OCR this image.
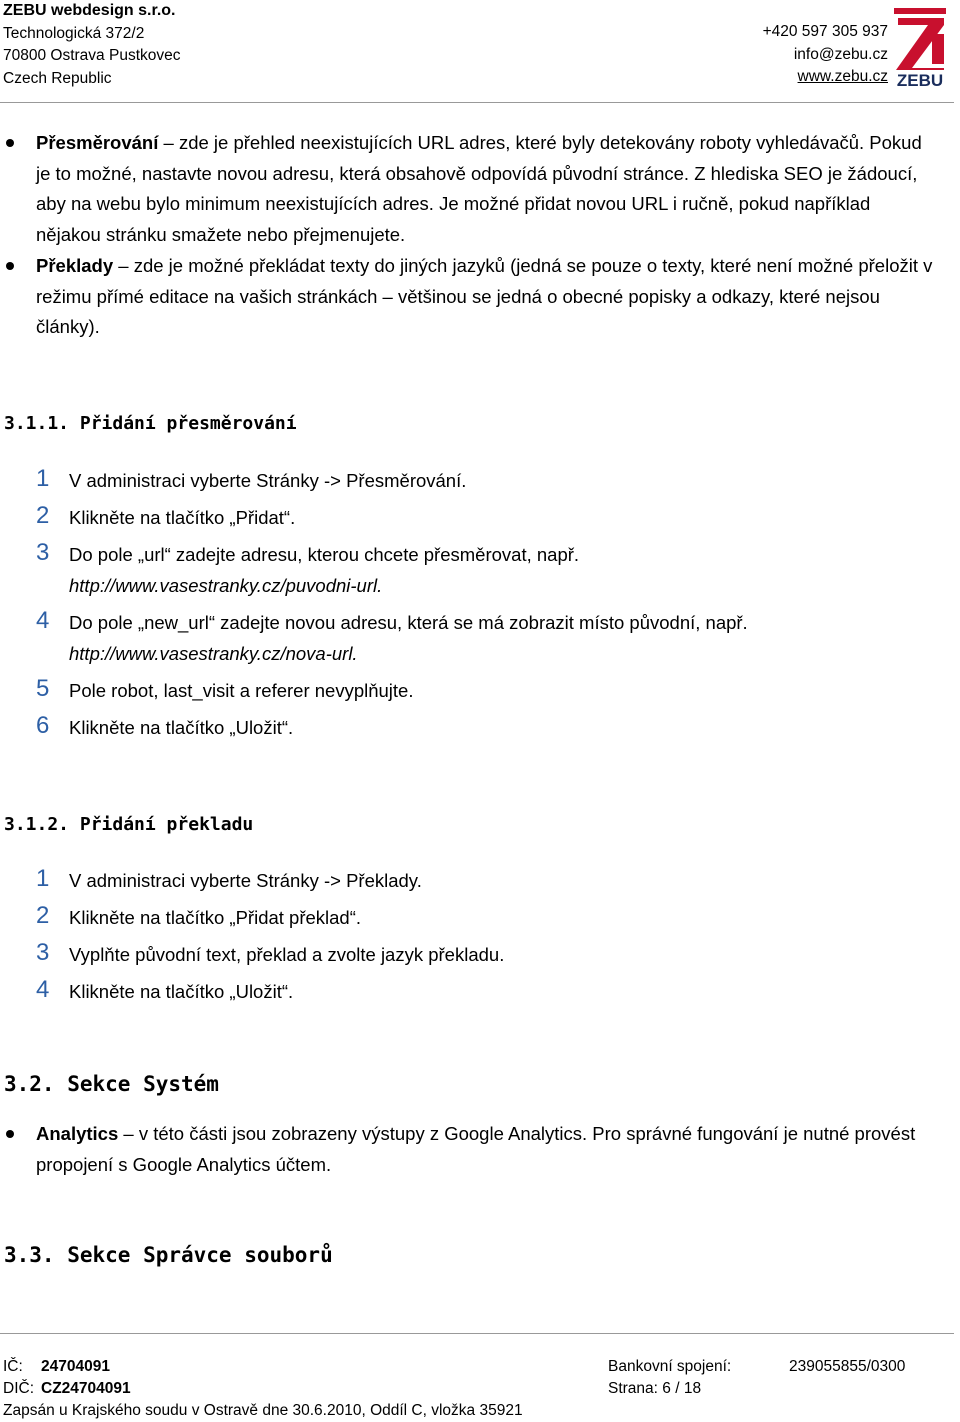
ZEBU webdesign s.r.o.
Technologická 372/2
70800 Ostrava Pustkovec
Czech Republic
+420 597 305 937
info@zebu.cz
www.zebu.cz ZEBU
Přesměrování – zde je přehled neexistujících URL adres, které byly detekovány roboty vyhledávačů. Pokud je to možné, nastavte novou adresu, která obsahově odpovídá původní stránce. Z hlediska SEO je žádoucí, aby na webu bylo minimum neexistujících adres. Je možné přidat novou URL i ručně, pokud například nějakou stránku smažete nebo přejmenujete.
Překlady – zde je možné překládat texty do jiných jazyků (jedná se pouze o texty, které není možné přeložit v režimu přímé editace na vašich stránkách – většinou se jedná o obecné popisky a odkazy, které nejsou články).
3.1.1. Přidání přesměrování
1 V administraci vyberte Stránky -> Přesměrování.
2 Klikněte na tlačítko „Přidat“.
3 Do pole „url“ zadejte adresu, kterou chcete přesměrovat, např.
http://www.vasestranky.cz/puvodni-url.
4 Do pole „new_url“ zadejte novou adresu, která se má zobrazit místo původní, např.
http://www.vasestranky.cz/nova-url.
5 Pole robot, last_visit a referer nevyplňujte.
6 Klikněte na tlačítko „Uložit“.
3.1.2. Přidání překladu
1 V administraci vyberte Stránky -> Překlady.
2 Klikněte na tlačítko „Přidat překlad“.
3 Vyplňte původní text, překlad a zvolte jazyk překladu.
4 Klikněte na tlačítko „Uložit“.
3.2. Sekce Systém
Analytics – v této části jsou zobrazeny výstupy z Google Analytics. Pro správné fungování je nutné provést propojení s Google Analytics účtem.
3.3. Sekce Správce souborů
IČ: 24704091	Bankovní spojení:	239055855/0300
DIČ: CZ24704091	Strana: 6 / 18
Zapsán u Krajského soudu v Ostravě dne 30.6.2010, Oddíl C, vložka 35921
